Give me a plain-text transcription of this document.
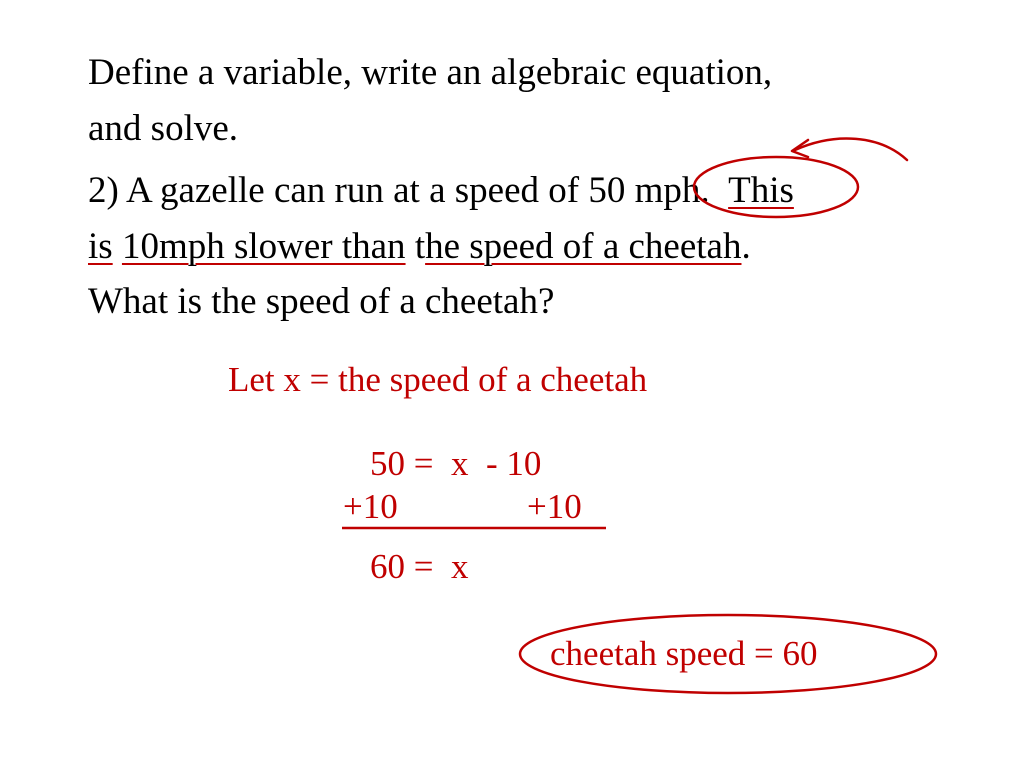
Define a variable, write an algebraic equation,
and solve.
2) A gazelle can run at a speed of 50 mph. This
is 10mph slower than the speed of a cheetah.
What is the speed of a cheetah?
Let x = the speed of a cheetah
50 =  x  - 10
+10	+10
60 =  x
cheetah speed = 60
